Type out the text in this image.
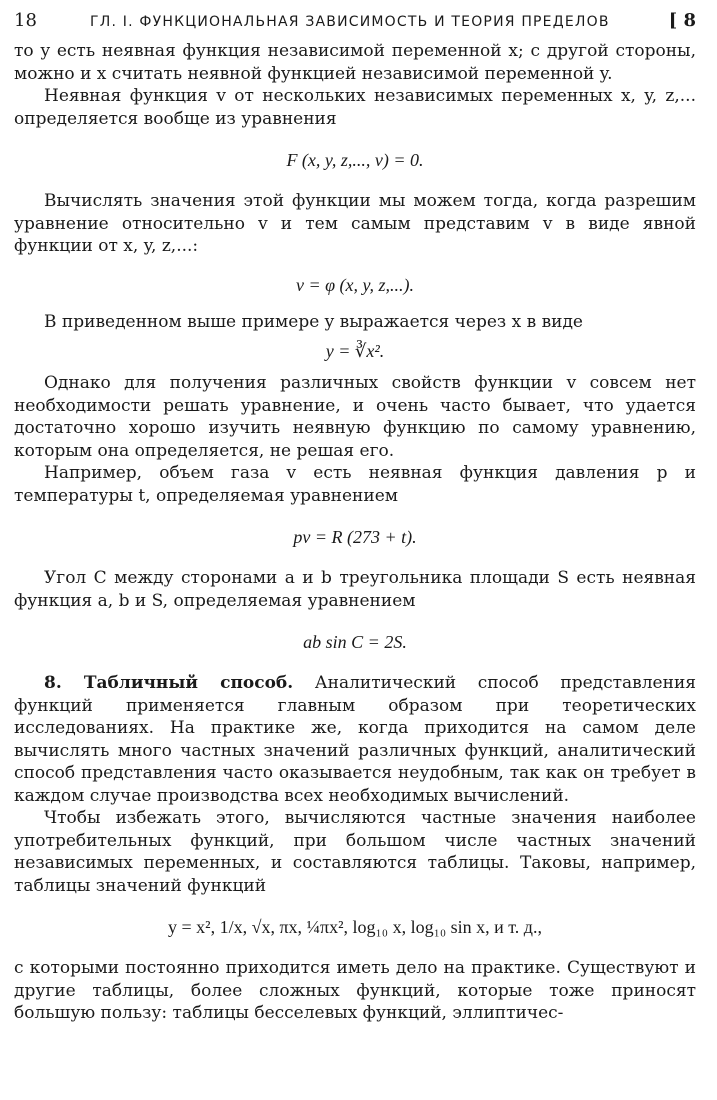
18	ГЛ. I. ФУНКЦИОНАЛЬНАЯ ЗАВИСИМОСТЬ И ТЕОРИЯ ПРЕДЕЛОВ	[ 8

то y есть неявная функция независимой переменной x; с другой стороны, можно и x считать неявной функцией независимой переменной y.

Неявная функция v от нескольких независимых переменных x, y, z,... определяется вообще из уравнения

F (x, y, z,..., v) = 0.

Вычислять значения этой функции мы можем тогда, когда разрешим уравнение относительно v и тем самым представим v в виде явной функции от x, y, z,...:

v = φ (x, y, z,...).

В приведенном выше примере y выражается через x в виде

y = ∛x².

Однако для получения различных свойств функции v совсем нет необходимости решать уравнение, и очень часто бывает, что удается достаточно хорошо изучить неявную функцию по самому уравнению, которым она определяется, не решая его.

Например, объем газа v есть неявная функция давления p и температуры t, определяемая уравнением

pv = R (273 + t).

Угол C между сторонами a и b треугольника площади S есть неявная функция a, b и S, определяемая уравнением

ab sin C = 2S.

8. Табличный способ. Аналитический способ представления функций применяется главным образом при теоретических исследованиях. На практике же, когда приходится на самом деле вычислять много частных значений различных функций, аналитический способ представления часто оказывается неудобным, так как он требует в каждом случае производства всех необходимых вычислений.

Чтобы избежать этого, вычисляются частные значения наиболее употребительных функций, при большом числе частных значений независимых переменных, и составляются таблицы. Таковы, например, таблицы значений функций

y = x², 1/x, √x, πx, ¼πx², log₁₀ x, log₁₀ sin x, и т. д.,

с которыми постоянно приходится иметь дело на практике. Существуют и другие таблицы, более сложных функций, которые тоже приносят большую пользу: таблицы бесселевых функций, эллиптичес-
